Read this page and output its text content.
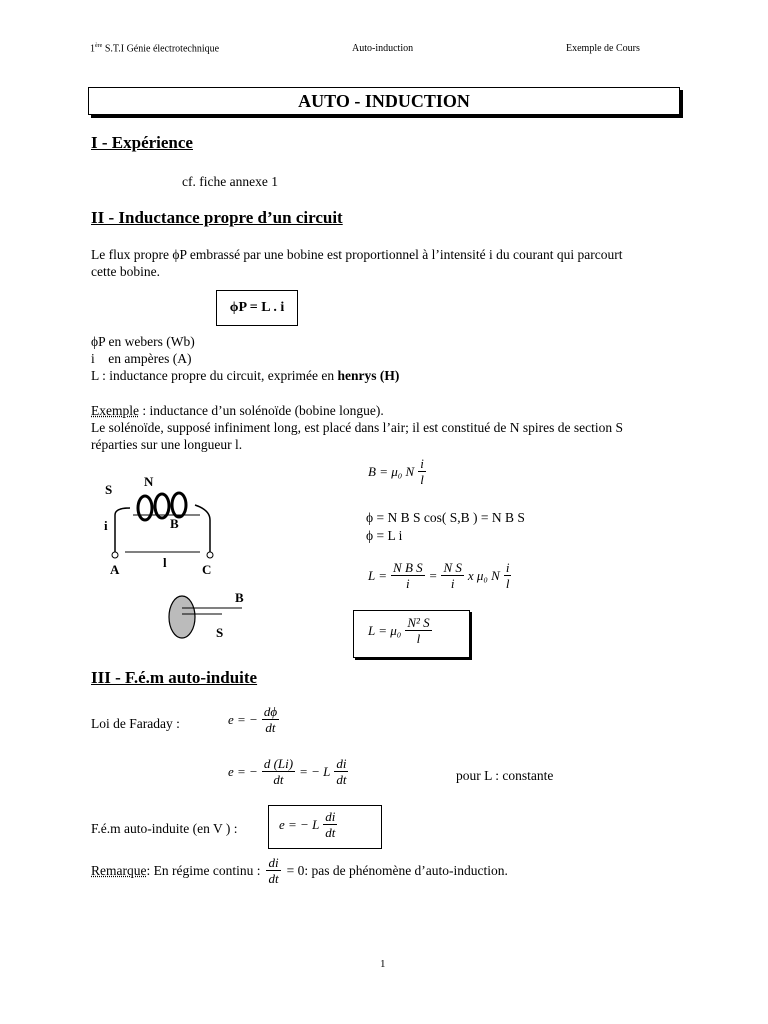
1ère S.T.I Génie électrotechnique	Auto-induction	Exemple de Cours
AUTO - INDUCTION
I - Expérience
cf. fiche annexe 1
II - Inductance propre d’un circuit
Le flux propre ϕP embrassé par une bobine est proportionnel à l’intensité i du courant qui parcourt cette bobine.
ϕP = L . i
ϕP en webers (Wb)
i    en ampères (A)
L : inductance propre du circuit, exprimée en henrys (H)
Exemple : inductance d’un solénoïde (bobine longue).
Le solénoïde, supposé infiniment long, est placé dans l’air; il est constitué de N spires de section S réparties sur une longueur l.
S
N
i	B
l
A	C
B
S
B = μ₀ N $\frac{i}{l}$
ϕ = N B S cos( S,B ) = N B S
ϕ = L i
$L = \frac{\text{N B S}}{i} = \frac{\text{N S}}{i}$ x μ₀ N $\frac{i}{l}$
$L = \mu_0 \frac{\text{N² S}}{l}$
III - F.é.m auto-induite
Loi de Faraday :	e = − $\frac{d\phi}{dt}$
e = − $\frac{d (Li)}{dt}$ = − L $\frac{di}{dt}$	pour L : constante
F.é.m auto-induite (en V ) :	e = − L $\frac{di}{dt}$
Remarque : En régime continu : $\frac{di}{dt} = 0$ : pas de phénomène d’auto-induction.
1
